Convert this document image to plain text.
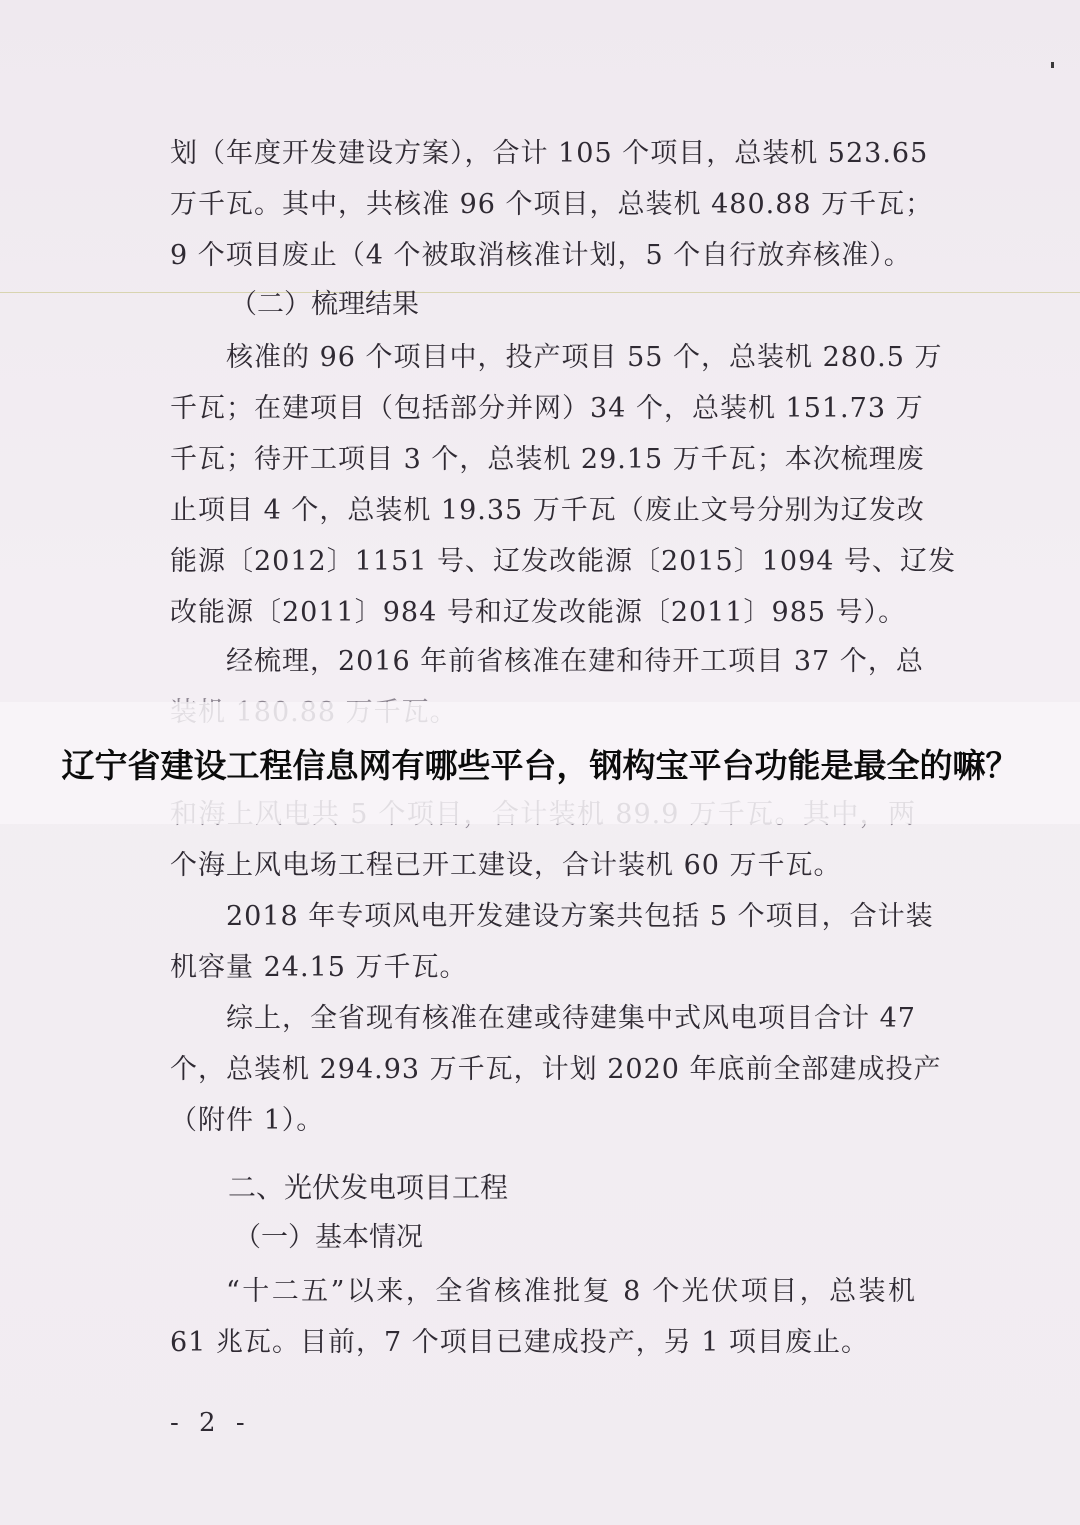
划（年度开发建设方案），合计 105 个项目，总装机 523.65
万千瓦。其中，共核准 96 个项目，总装机 480.88 万千瓦；
9 个项目废止（4 个被取消核准计划，5 个自行放弃核准）。

（二）梳理结果

核准的 96 个项目中，投产项目 55 个，总装机 280.5 万
千瓦；在建项目（包括部分并网）34 个，总装机 151.73 万
千瓦；待开工项目 3 个，总装机 29.15 万千瓦；本次梳理废
止项目 4 个，总装机 19.35 万千瓦（废止文号分别为辽发改
能源〔2012〕1151 号、辽发改能源〔2015〕1094 号、辽发
改能源〔2011〕984 号和辽发改能源〔2011〕985 号）。
经梳理，2016 年前省核准在建和待开工项目 37 个，总
个海上风电场工程已开工建设，合计装机 60 万千瓦。
2018 年专项风电开发建设方案共包括 5 个项目，合计装
机容量 24.15 万千瓦。
综上，全省现有核准在建或待建集中式风电项目合计 47
个，总装机 294.93 万千瓦，计划 2020 年底前全部建成投产
（附件 1）。

二、光伏发电项目工程

（一）基本情况

“十二五”以来，全省核准批复 8 个光伏项目，总装机
61 兆瓦。目前，7 个项目已建成投产，另 1 项目废止。

- 2 -

辽宁省建设工程信息网有哪些平台，钢构宝平台功能是最全的嘛？
